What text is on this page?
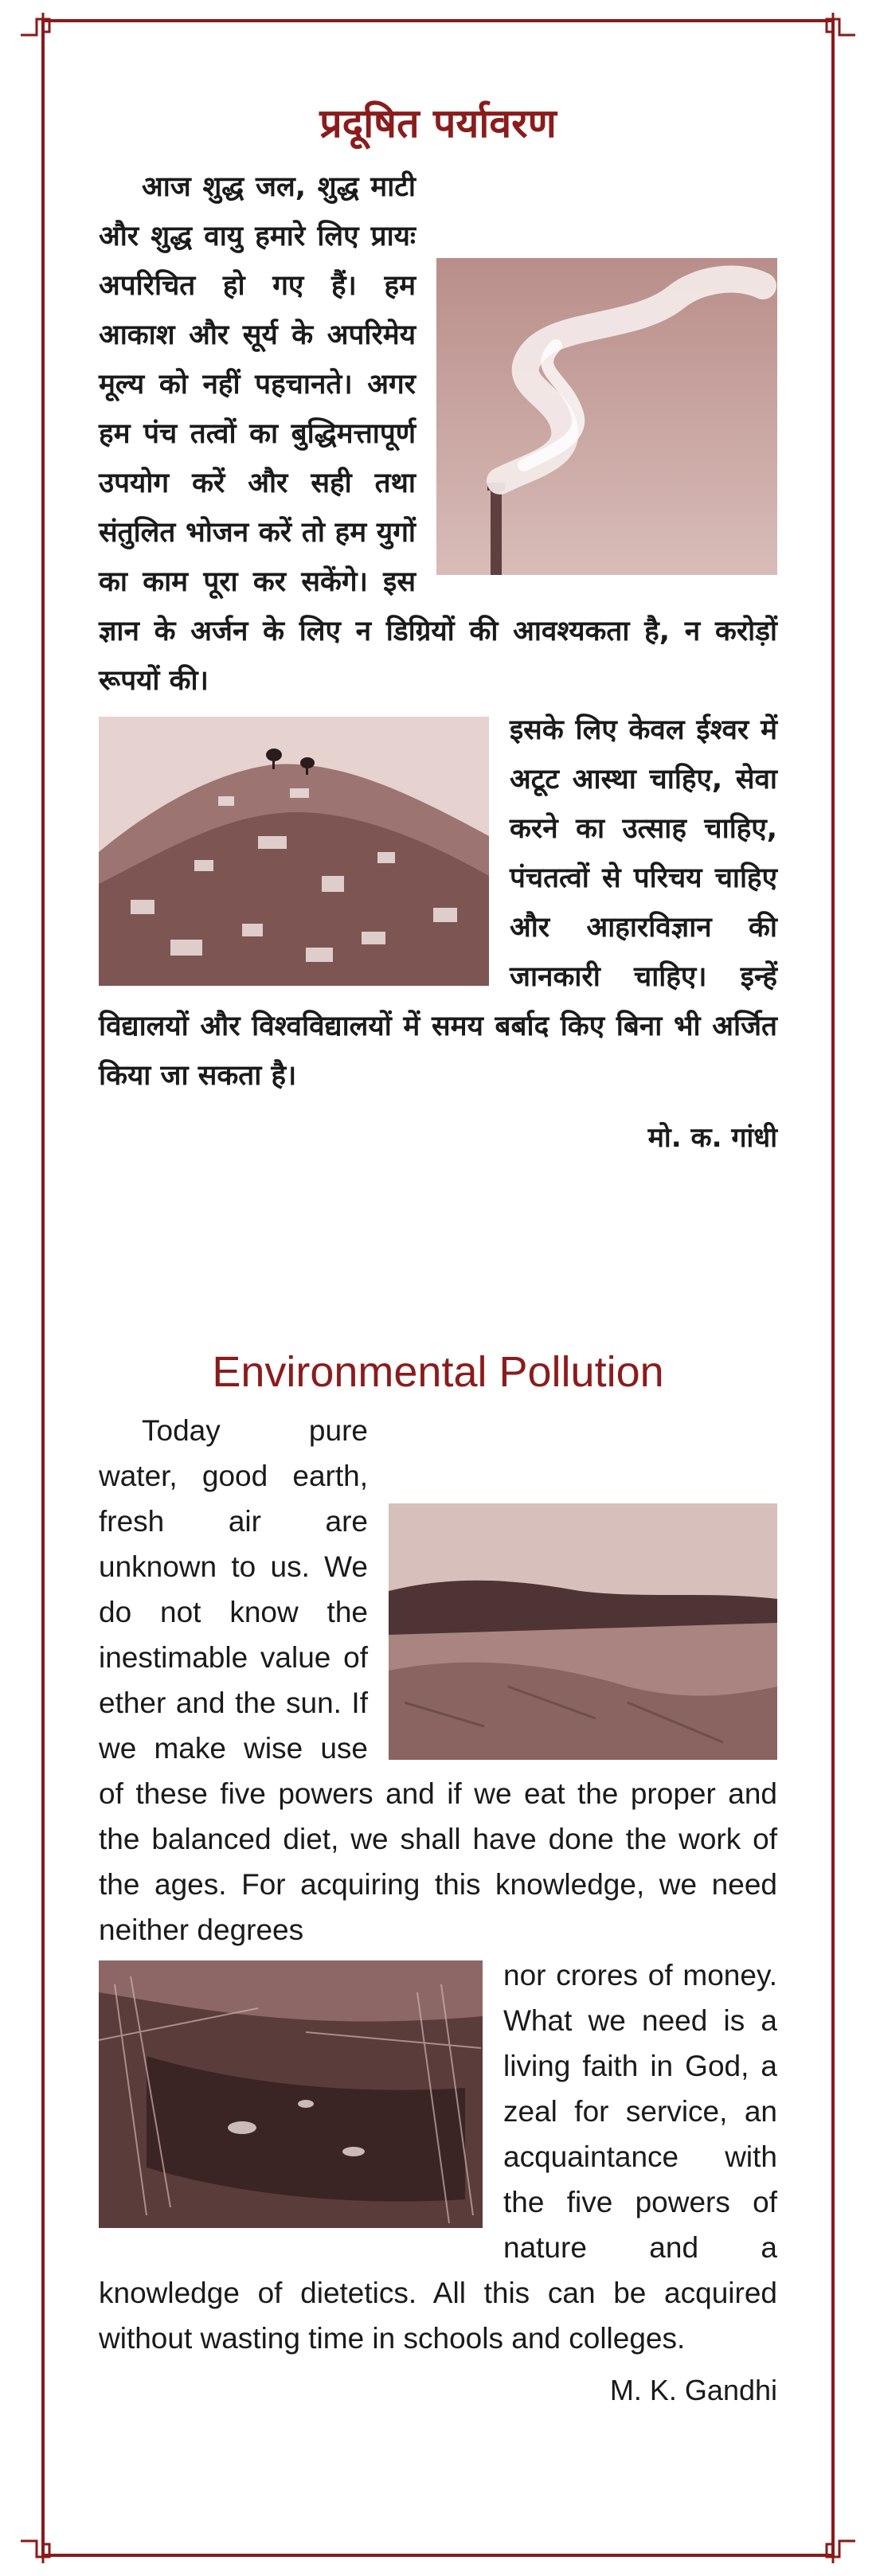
प्रदूषित पर्यावरण

आज शुद्ध जल, शुद्ध माटी और शुद्ध वायु हमारे लिए प्रायः अपरिचित हो गए हैं। हम आकाश और सूर्य के अपरिमेय मूल्य को नहीं पहचानते। अगर हम पंच तत्वों का बुद्धिमत्तापूर्ण उपयोग करें और सही तथा संतुलित भोजन करें तो हम युगों का काम पूरा कर सकेंगे। इस ज्ञान के अर्जन के लिए न डिग्रियों की आवश्यकता है, न करोड़ों रूपयों की।

इसके लिए केवल ईश्वर में अटूट आस्था चाहिए, सेवा करने का उत्साह चाहिए, पंचतत्वों से परिचय चाहिए और आहारविज्ञान की जानकारी चाहिए। इन्हें विद्यालयों और विश्वविद्यालयों में समय बर्बाद किए बिना भी अर्जित किया जा सकता है।

मो. क. गांधी

Environmental Pollution

Today pure water, good earth, fresh air are unknown to us. We do not know the inestimable value of ether and the sun. If we make wise use of these five powers and if we eat the proper and the balanced diet, we shall have done the work of the ages. For acquiring this knowledge, we need neither degrees

nor crores of money. What we need is a living faith in God, a zeal for service, an acquaintance with the five powers of nature and a knowledge of dietetics. All this can be acquired without wasting time in schools and colleges.

M. K. Gandhi
